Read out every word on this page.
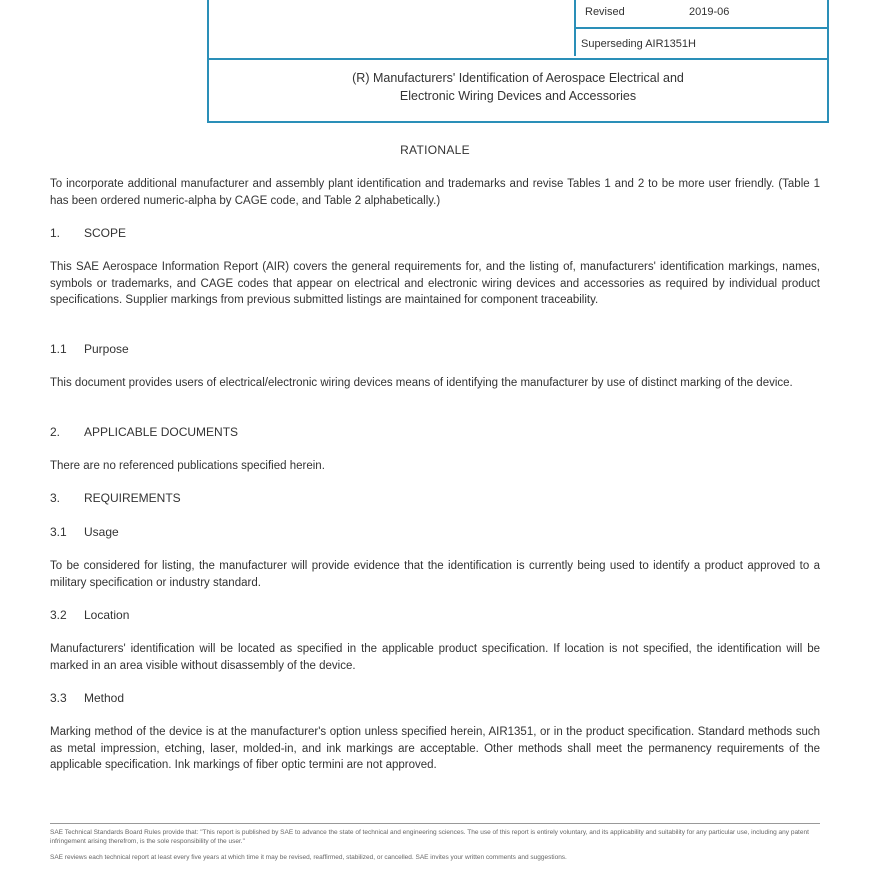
Revised	2019-06
Superseding AIR1351H
(R) Manufacturers' Identification of Aerospace Electrical and
Electronic Wiring Devices and Accessories
RATIONALE

To incorporate additional manufacturer and assembly plant identification and trademarks and revise Tables 1 and 2 to be more user friendly. (Table 1 has been ordered numeric-alpha by CAGE code, and Table 2 alphabetically.)

1. SCOPE

This SAE Aerospace Information Report (AIR) covers the general requirements for, and the listing of, manufacturers' identification markings, names, symbols or trademarks, and CAGE codes that appear on electrical and electronic wiring devices and accessories as required by individual product specifications. Supplier markings from previous submitted listings are maintained for component traceability.

1.1 Purpose

This document provides users of electrical/electronic wiring devices means of identifying the manufacturer by use of distinct marking of the device.

2. APPLICABLE DOCUMENTS

There are no referenced publications specified herein.

3. REQUIREMENTS
3.1 Usage

To be considered for listing, the manufacturer will provide evidence that the identification is currently being used to identify a product approved to a military specification or industry standard.

3.2 Location

Manufacturers' identification will be located as specified in the applicable product specification. If location is not specified, the identification will be marked in an area visible without disassembly of the device.

3.3 Method

Marking method of the device is at the manufacturer's option unless specified herein, AIR1351, or in the product specification. Standard methods such as metal impression, etching, laser, molded-in, and ink markings are acceptable. Other methods shall meet the permanency requirements of the applicable specification. Ink markings of fiber optic termini are not approved.

SAE Technical Standards Board Rules provide that: "This report is published by SAE to advance the state of technical and engineering sciences. The use of this report is entirely voluntary, and its applicability and suitability for any particular use, including any patent infringement arising therefrom, is the sole responsibility of the user."

SAE reviews each technical report at least every five years at which time it may be revised, reaffirmed, stabilized, or cancelled. SAE invites your written comments and suggestions.
